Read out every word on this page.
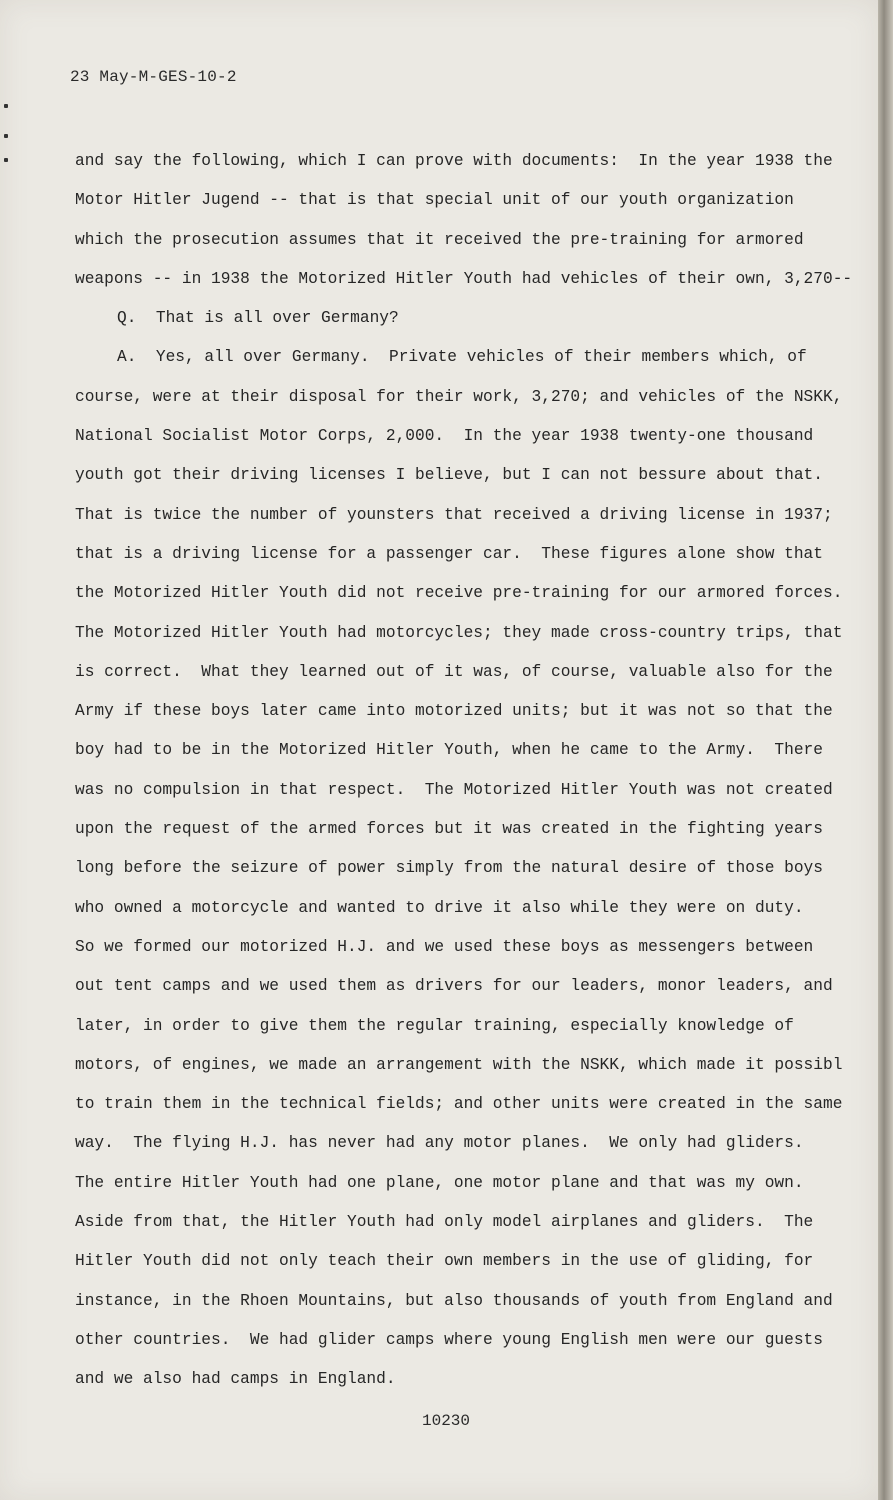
23 May-M-GES-10-2
and say the following, which I can prove with documents:  In the year 1938 the
Motor Hitler Jugend -- that is that special unit of our youth organization
which the prosecution assumes that it received the pre-training for armored
weapons -- in 1938 the Motorized Hitler Youth had vehicles of their own, 3,270--
Q.  That is all over Germany?
A.  Yes, all over Germany.  Private vehicles of their members which, of
course, were at their disposal for their work, 3,270; and vehicles of the NSKK,
National Socialist Motor Corps, 2,000.  In the year 1938 twenty-one thousand
youth got their driving licenses I believe, but I can not bessure about that.
That is twice the number of younsters that received a driving license in 1937;
that is a driving license for a passenger car.  These figures alone show that
the Motorized Hitler Youth did not receive pre-training for our armored forces.
The Motorized Hitler Youth had motorcycles; they made cross-country trips, that
is correct.  What they learned out of it was, of course, valuable also for the
Army if these boys later came into motorized units; but it was not so that the
boy had to be in the Motorized Hitler Youth, when he came to the Army.  There
was no compulsion in that respect.  The Motorized Hitler Youth was not created
upon the request of the armed forces but it was created in the fighting years
long before the seizure of power simply from the natural desire of those boys
who owned a motorcycle and wanted to drive it also while they were on duty.
So we formed our motorized H.J. and we used these boys as messengers between
out tent camps and we used them as drivers for our leaders, monor leaders, and
later, in order to give them the regular training, especially knowledge of
motors, of engines, we made an arrangement with the NSKK, which made it possibl
to train them in the technical fields; and other units were created in the same
way.  The flying H.J. has never had any motor planes.  We only had gliders.
The entire Hitler Youth had one plane, one motor plane and that was my own.
Aside from that, the Hitler Youth had only model airplanes and gliders.  The
Hitler Youth did not only teach their own members in the use of gliding, for
instance, in the Rhoen Mountains, but also thousands of youth from England and
other countries.  We had glider camps where young English men were our guests
and we also had camps in England.
10230
